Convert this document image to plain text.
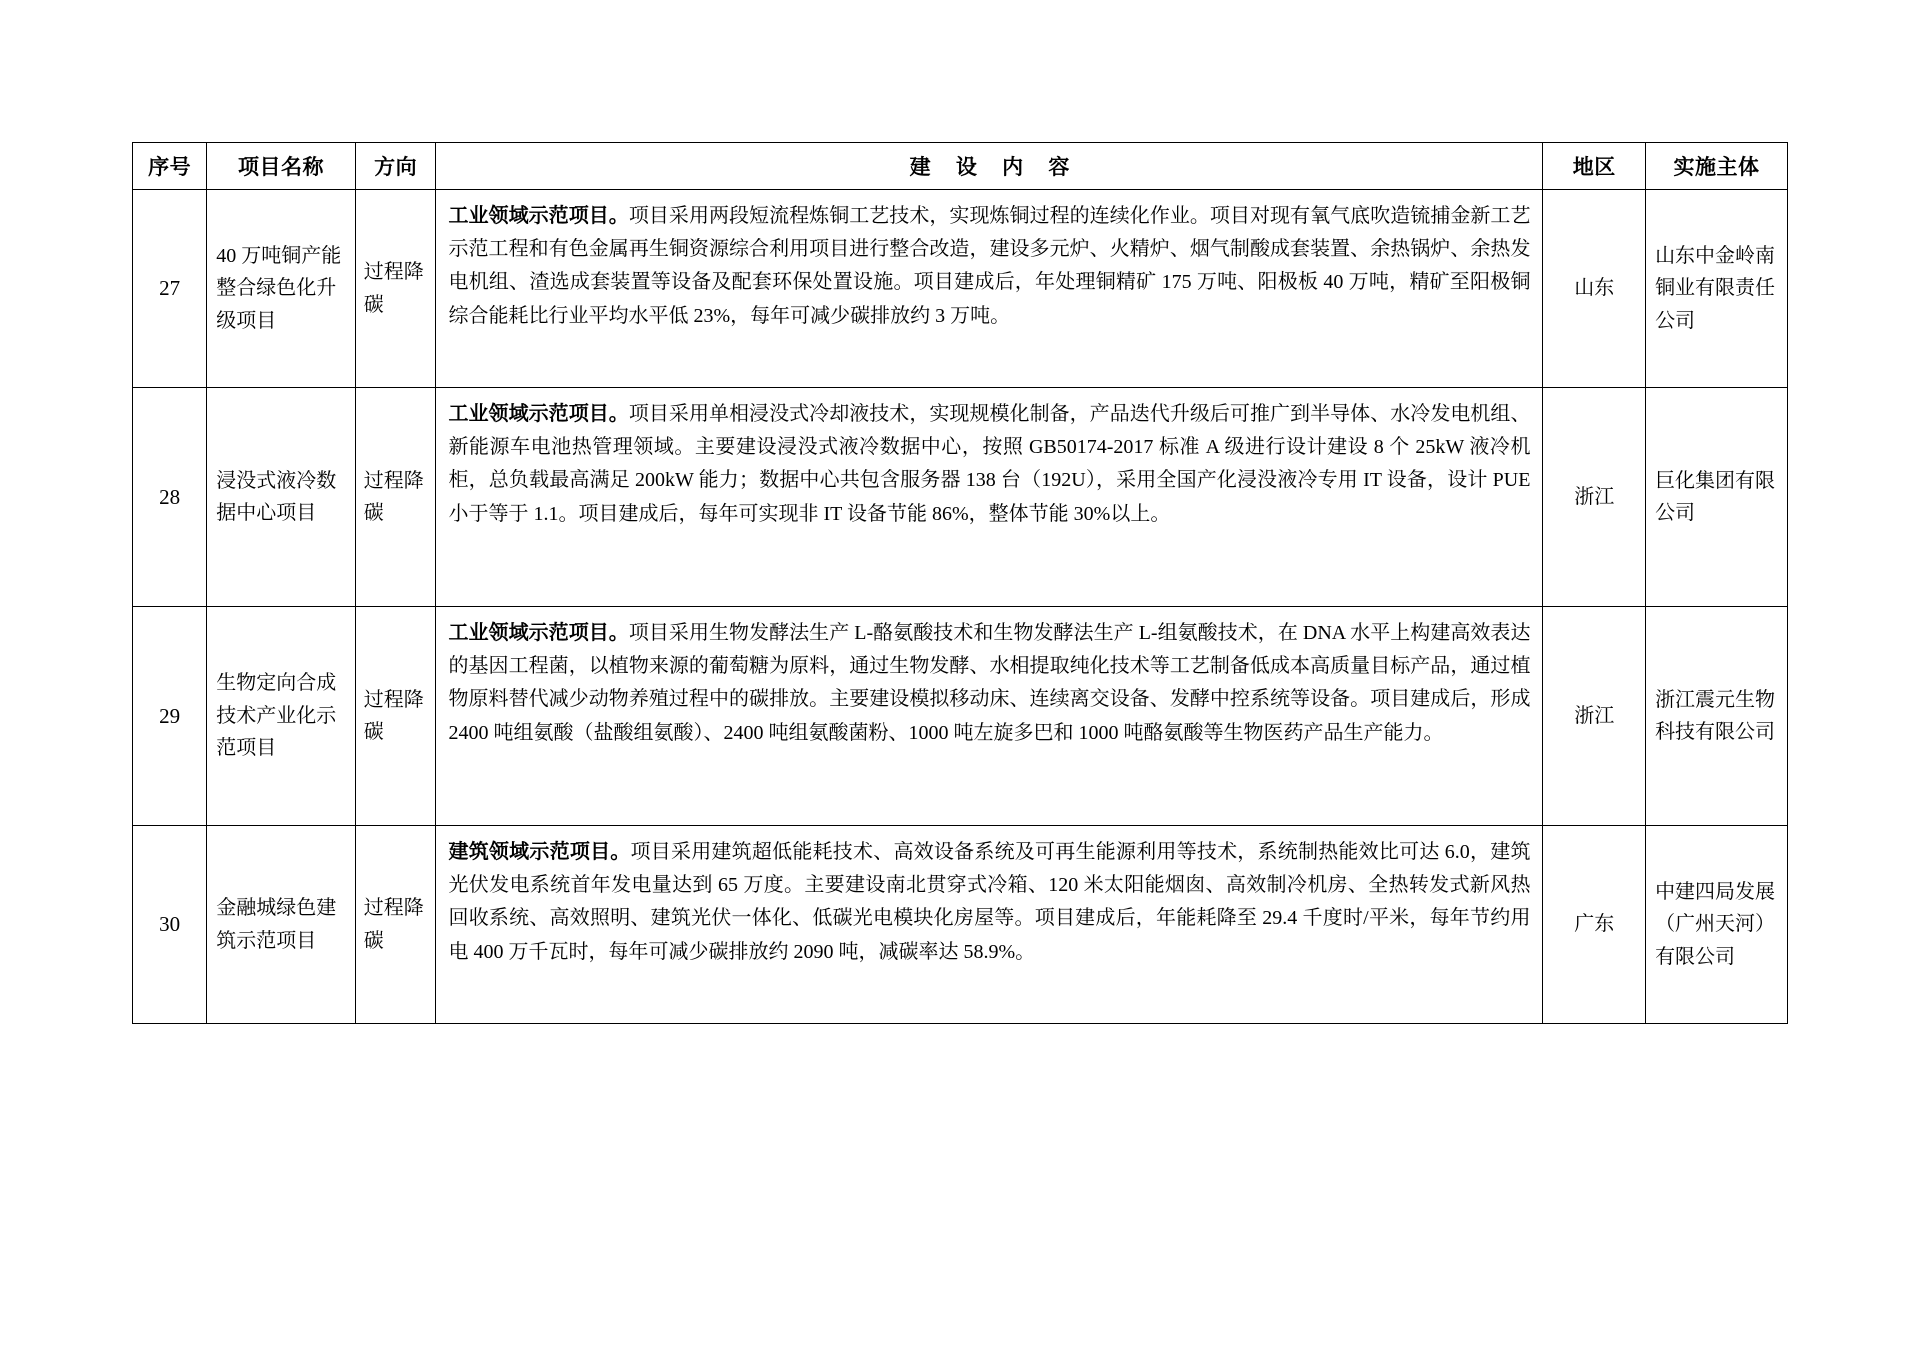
序号	项目名称	方向	建 设 内 容	地区	实施主体
27	40 万吨铜产能整合绿色化升级项目	过程降碳	工业领域示范项目。项目采用两段短流程炼铜工艺技术，实现炼铜过程的连续化作业。项目对现有氧气底吹造锍捕金新工艺示范工程和有色金属再生铜资源综合利用项目进行整合改造，建设多元炉、火精炉、烟气制酸成套装置、余热锅炉、余热发电机组、渣选成套装置等设备及配套环保处置设施。项目建成后，年处理铜精矿 175 万吨、阳极板 40 万吨，精矿至阳极铜综合能耗比行业平均水平低 23%，每年可减少碳排放约 3 万吨。	山东	山东中金岭南铜业有限责任公司
28	浸没式液冷数据中心项目	过程降碳	工业领域示范项目。项目采用单相浸没式冷却液技术，实现规模化制备，产品迭代升级后可推广到半导体、水冷发电机组、新能源车电池热管理领域。主要建设浸没式液冷数据中心，按照 GB50174-2017 标准 A 级进行设计建设 8 个 25kW 液冷机柜，总负载最高满足 200kW 能力；数据中心共包含服务器 138 台（192U），采用全国产化浸没液冷专用 IT 设备，设计 PUE 小于等于 1.1。项目建成后，每年可实现非 IT 设备节能 86%，整体节能 30%以上。	浙江	巨化集团有限公司
29	生物定向合成技术产业化示范项目	过程降碳	工业领域示范项目。项目采用生物发酵法生产 L-酪氨酸技术和生物发酵法生产 L-组氨酸技术，在 DNA 水平上构建高效表达的基因工程菌，以植物来源的葡萄糖为原料，通过生物发酵、水相提取纯化技术等工艺制备低成本高质量目标产品，通过植物原料替代减少动物养殖过程中的碳排放。主要建设模拟移动床、连续离交设备、发酵中控系统等设备。项目建成后，形成 2400 吨组氨酸（盐酸组氨酸）、2400 吨组氨酸菌粉、1000 吨左旋多巴和 1000 吨酪氨酸等生物医药产品生产能力。	浙江	浙江震元生物科技有限公司
30	金融城绿色建筑示范项目	过程降碳	建筑领域示范项目。项目采用建筑超低能耗技术、高效设备系统及可再生能源利用等技术，系统制热能效比可达 6.0，建筑光伏发电系统首年发电量达到 65 万度。主要建设南北贯穿式冷箱、120 米太阳能烟囱、高效制冷机房、全热转发式新风热回收系统、高效照明、建筑光伏一体化、低碳光电模块化房屋等。项目建成后，年能耗降至 29.4 千度时/平米，每年节约用电 400 万千瓦时，每年可减少碳排放约 2090 吨，减碳率达 58.9%。	广东	中建四局发展（广州天河）有限公司
